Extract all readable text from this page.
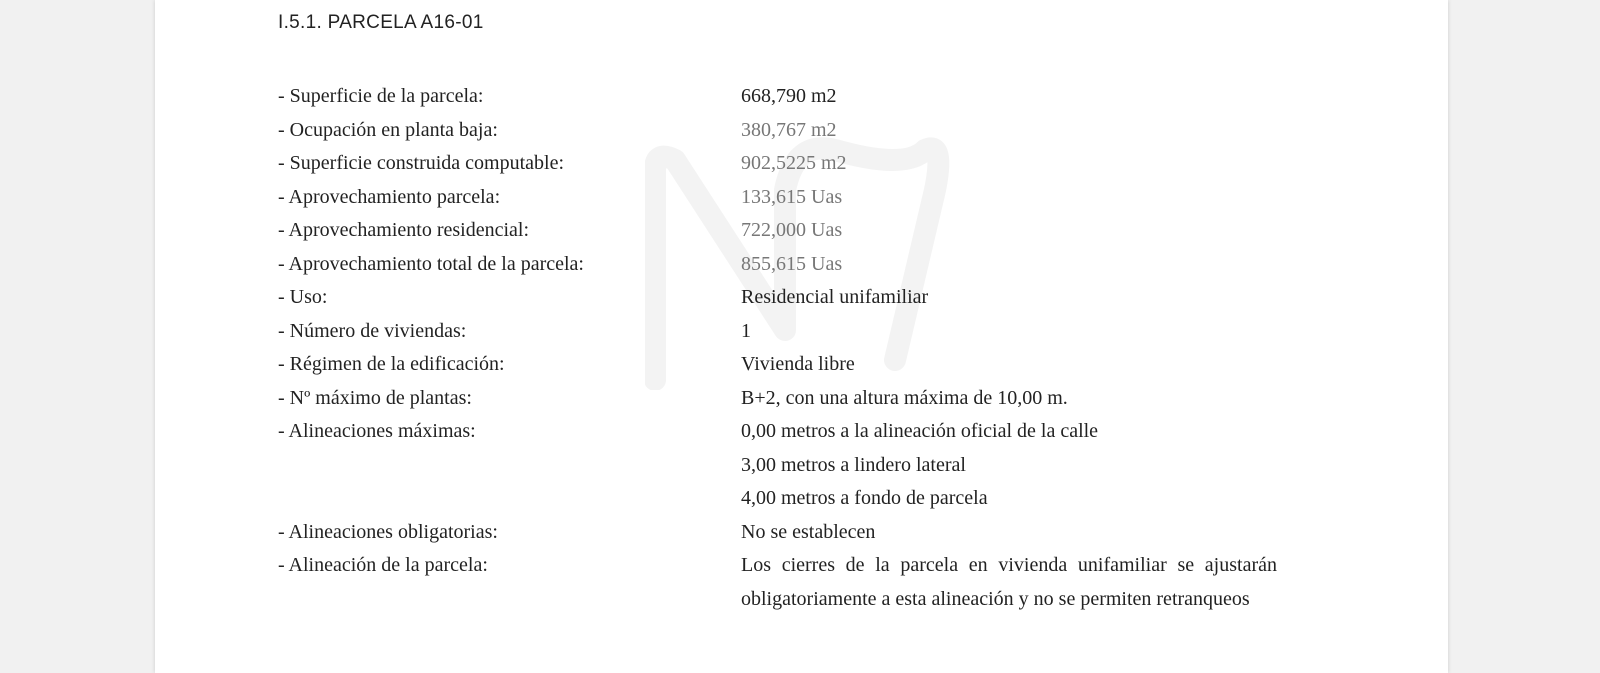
I.5.1. PARCELA A16-01
- Superficie de la parcela:	668,790 m2
- Ocupación en planta baja:	380,767 m2
- Superficie construida computable:	902,5225 m2
- Aprovechamiento parcela:	133,615 Uas
- Aprovechamiento residencial:	722,000 Uas
- Aprovechamiento total de la parcela:	855,615 Uas
- Uso:	Residencial unifamiliar
- Número de viviendas:	1
- Régimen de la edificación:	Vivienda libre
- Nº máximo de plantas:	B+2, con una altura máxima de 10,00 m.
- Alineaciones máximas:	0,00 metros a la alineación oficial de la calle
3,00 metros a lindero lateral
4,00 metros a fondo de parcela
- Alineaciones obligatorias:	No se establecen
- Alineación de la parcela:	Los cierres de la parcela en vivienda unifamiliar se ajustarán obligatoriamente a esta alineación y no se permiten retranqueos
